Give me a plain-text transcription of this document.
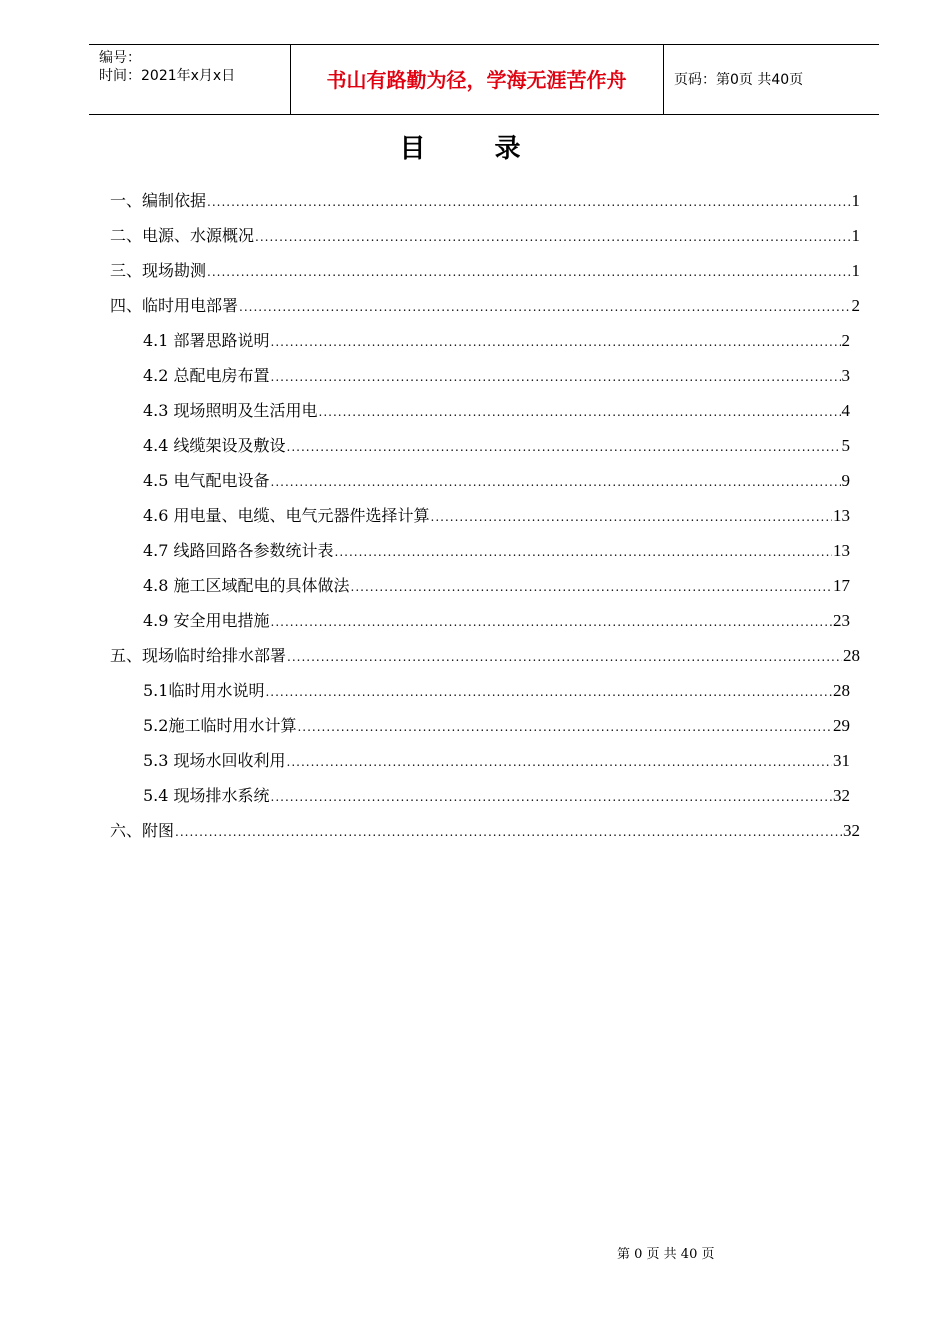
编号：
时间：2021年x月x日	书山有路勤为径，学海无涯苦作舟	页码：第0页 共40页
目 录
一、编制依据 .....	1
二、电源、水源概况 .....	1
三、现场勘测 .....	1
四、临时用电部署 .....	2
4.1 部署思路说明 .....	2
4.2 总配电房布置 .....	3
4.3 现场照明及生活用电 .....	4
4.4 线缆架设及敷设 .....	5
4.5 电气配电设备 .....	9
4.6 用电量、电缆、电气元器件选择计算 .....	13
4.7 线路回路各参数统计表 .....	13
4.8 施工区域配电的具体做法 .....	17
4.9 安全用电措施 .....	23
五、现场临时给排水部署 .....	28
5.1临时用水说明 .....	28
5.2施工临时用水计算 .....	29
5.3 现场水回收利用 .....	31
5.4 现场排水系统 .....	32
六、附图 .....	32
第 0 页 共 40 页
